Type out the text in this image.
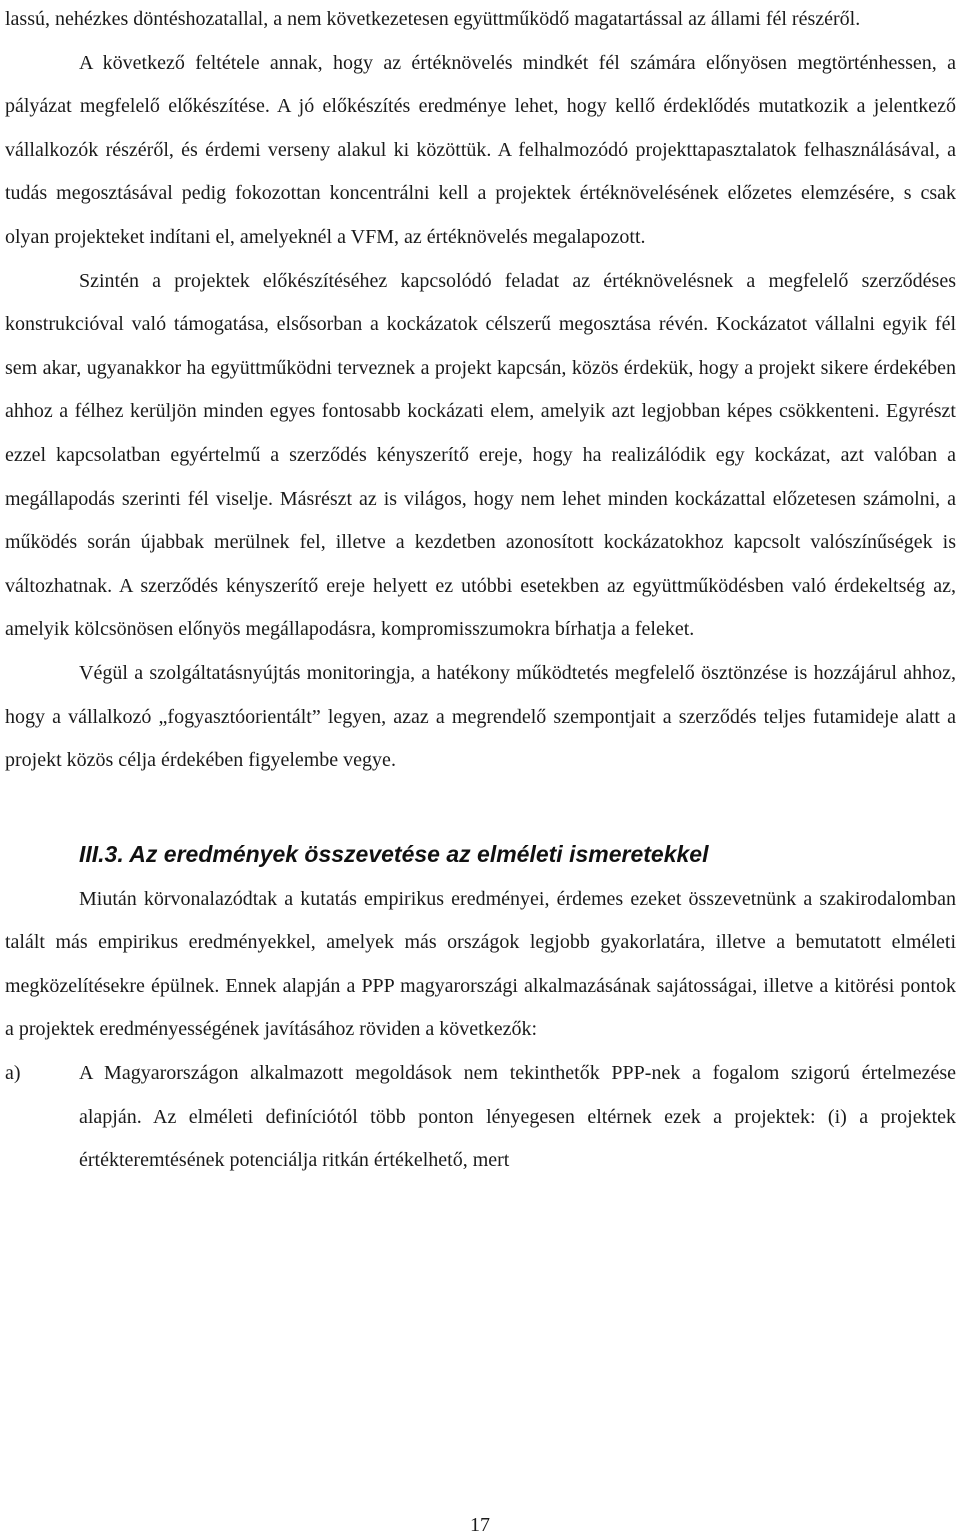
lassú, nehézkes döntéshozatallal, a nem következetesen együttműködő magatartással az állami fél részéről.

A következő feltétele annak, hogy az értéknövelés mindkét fél számára előnyösen megtörténhessen, a pályázat megfelelő előkészítése. A jó előkészítés eredménye lehet, hogy kellő érdeklődés mutatkozik a jelentkező vállalkozók részéről, és érdemi verseny alakul ki közöttük. A felhalmozódó projekttapasztalatok felhasználásával, a tudás megosztásával pedig fokozottan koncentrálni kell a projektek értéknövelésének előzetes elemzésére, s csak olyan projekteket indítani el, amelyeknél a VFM, az értéknövelés megalapozott.

Szintén a projektek előkészítéséhez kapcsolódó feladat az értéknövelésnek a megfelelő szerződéses konstrukcióval való támogatása, elsősorban a kockázatok célszerű megosztása révén. Kockázatot vállalni egyik fél sem akar, ugyanakkor ha együttműködni terveznek a projekt kapcsán, közös érdekük, hogy a projekt sikere érdekében ahhoz a félhez kerüljön minden egyes fontosabb kockázati elem, amelyik azt legjobban képes csökkenteni. Egyrészt ezzel kapcsolatban egyértelmű a szerződés kényszerítő ereje, hogy ha realizálódik egy kockázat, azt valóban a megállapodás szerinti fél viselje. Másrészt az is világos, hogy nem lehet minden kockázattal előzetesen számolni, a működés során újabbak merülnek fel, illetve a kezdetben azonosított kockázatokhoz kapcsolt valószínűségek is változhatnak. A szerződés kényszerítő ereje helyett ez utóbbi esetekben az együttműködésben való érdekeltség az, amelyik kölcsönösen előnyös megállapodásra, kompromisszumokra bírhatja a feleket.

Végül a szolgáltatásnyújtás monitoringja, a hatékony működtetés megfelelő ösztönzése is hozzájárul ahhoz, hogy a vállalkozó „fogyasztóorientált” legyen, azaz a megrendelő szempontjait a szerződés teljes futamideje alatt a projekt közös célja érdekében figyelembe vegye.

III.3. Az eredmények összevetése az elméleti ismeretekkel

Miután körvonalazódtak a kutatás empirikus eredményei, érdemes ezeket összevetnünk a szakirodalomban talált más empirikus eredményekkel, amelyek más országok legjobb gyakorlatára, illetve a bemutatott elméleti megközelítésekre épülnek. Ennek alapján a PPP magyarországi alkalmazásának sajátosságai, illetve a kitörési pontok a projektek eredményességének javításához röviden a következők:

a)	A Magyarországon alkalmazott megoldások nem tekinthetők PPP-nek a fogalom szigorú értelmezése alapján. Az elméleti definíciótól több ponton lényegesen eltérnek ezek a projektek: (i) a projektek értékteremtésének potenciálja ritkán értékelhető, mert

17
